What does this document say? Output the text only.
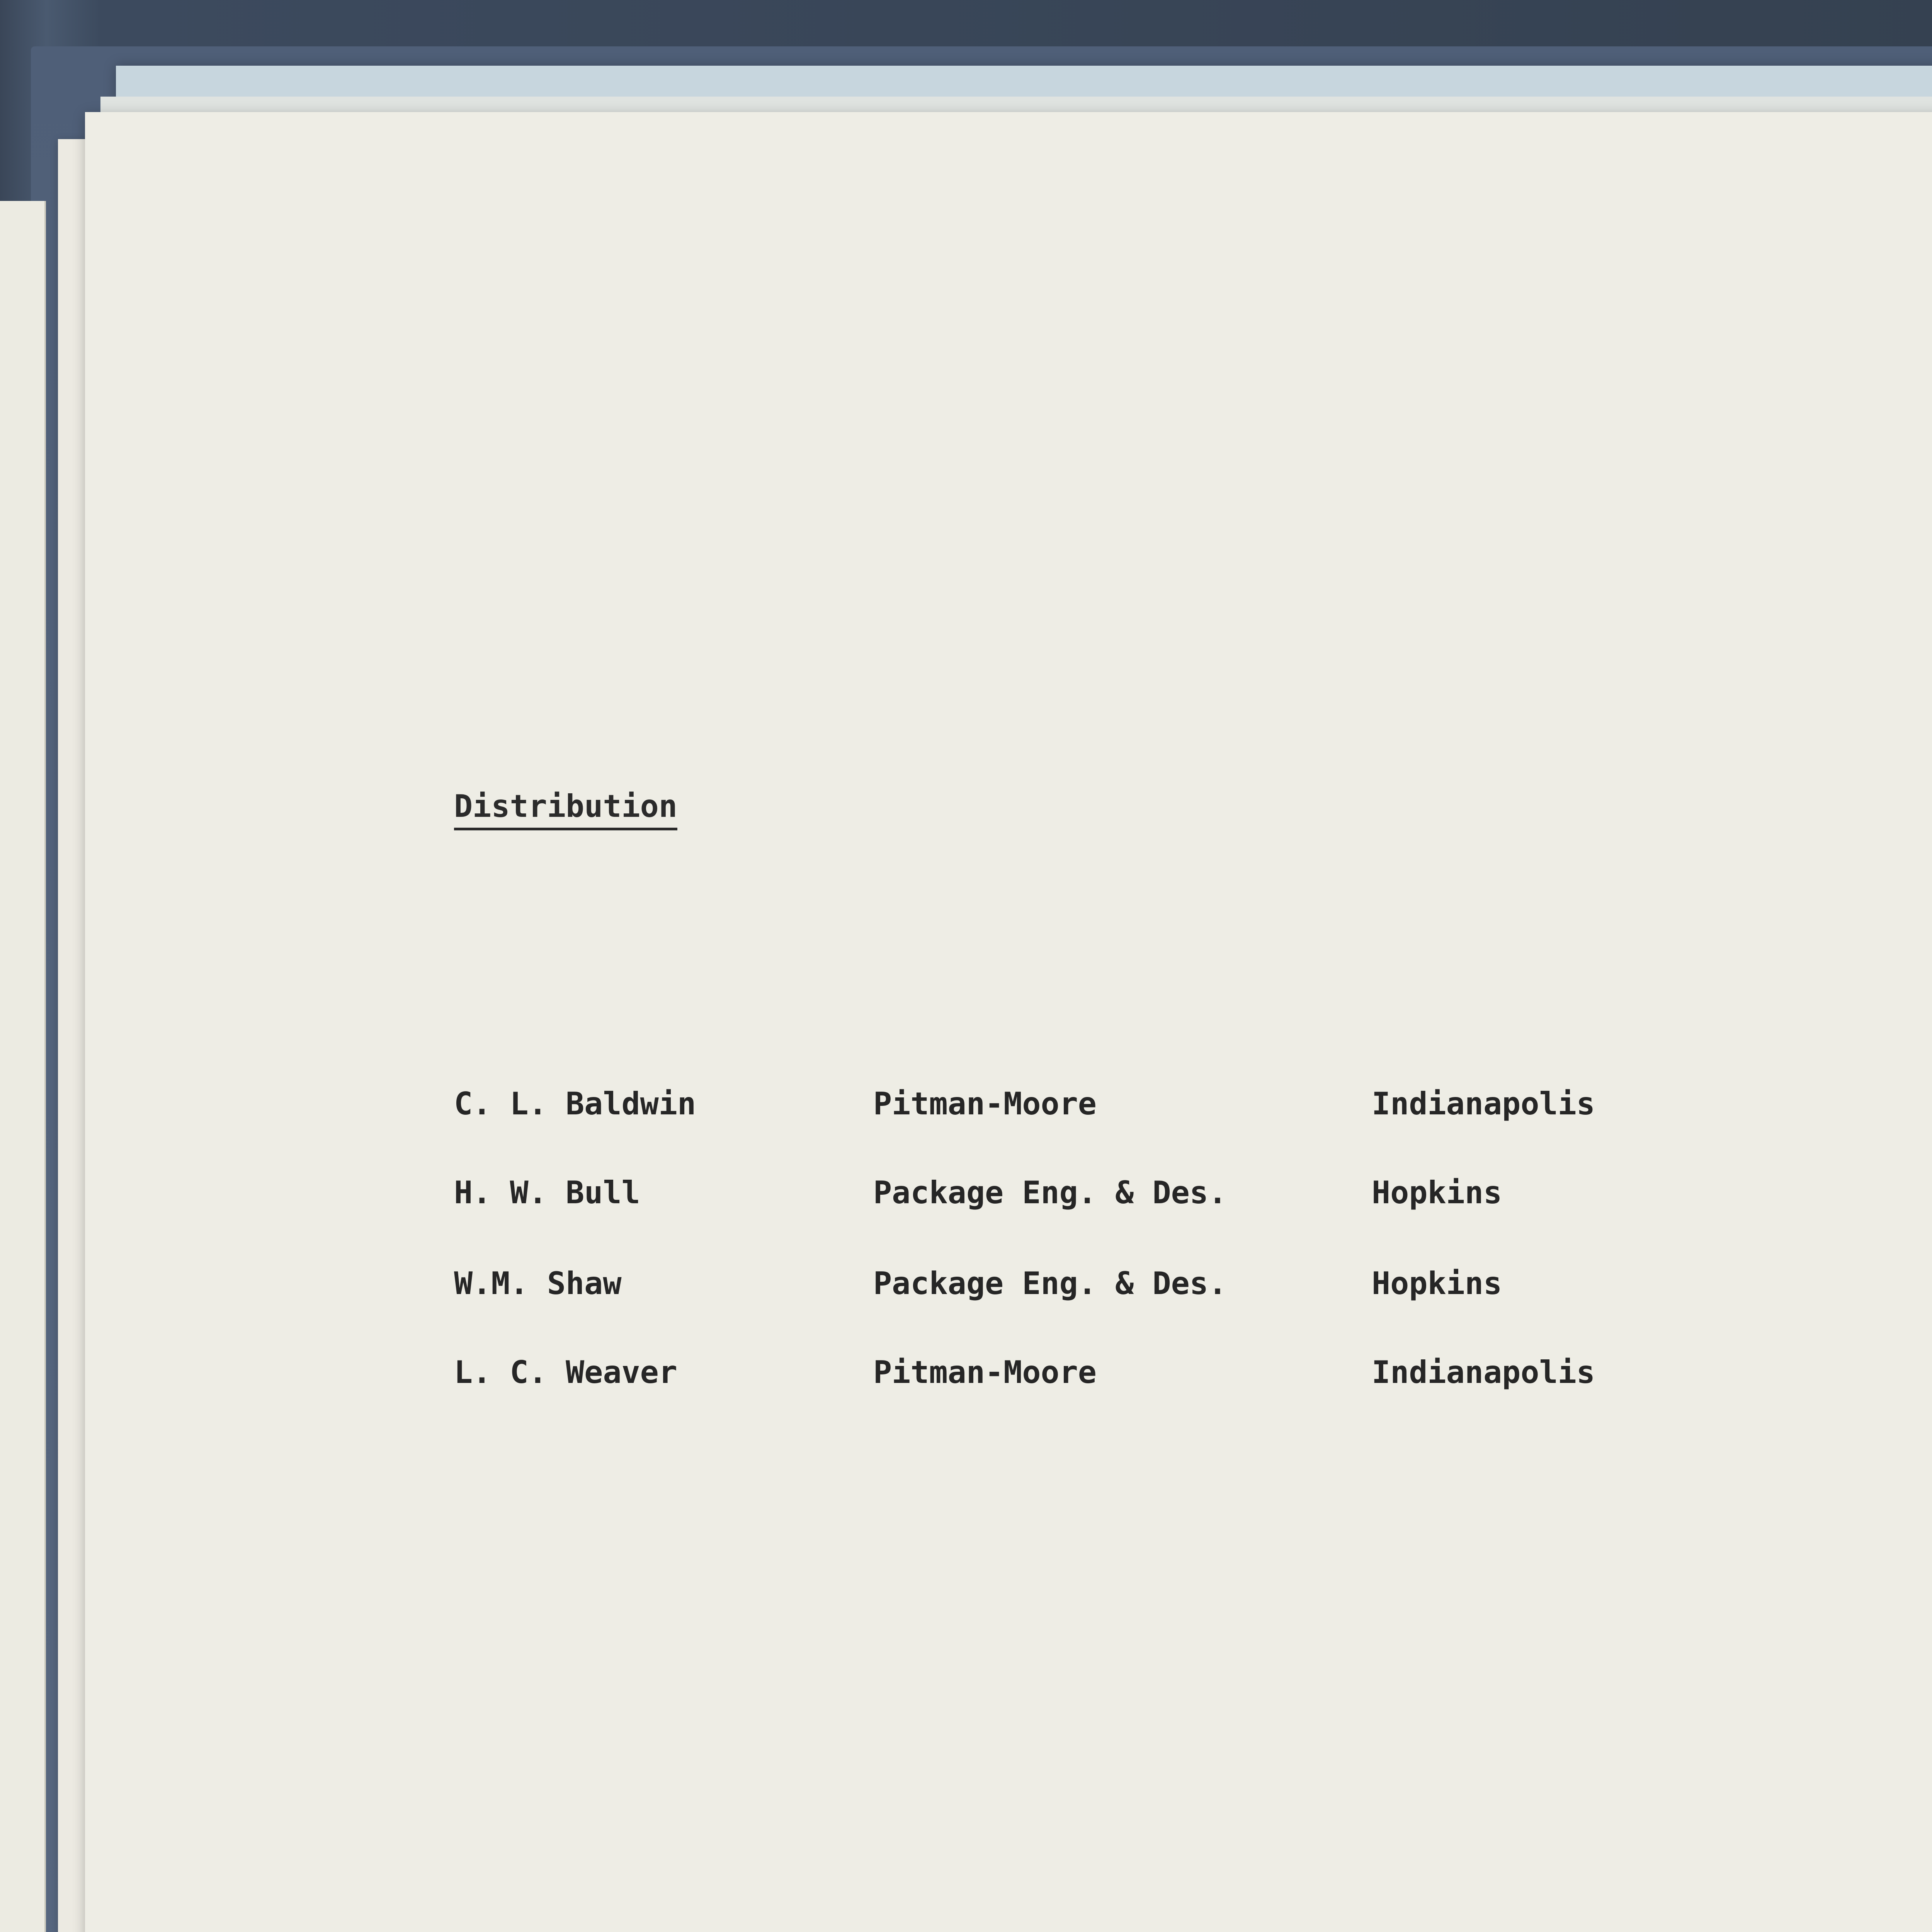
Distribution
C. L. Baldwin	Pitman-Moore	Indianapolis
H. W. Bull	Package Eng. & Des.	Hopkins
W.M. Shaw	Package Eng. & Des.	Hopkins
L. C. Weaver	Pitman-Moore	Indianapolis
